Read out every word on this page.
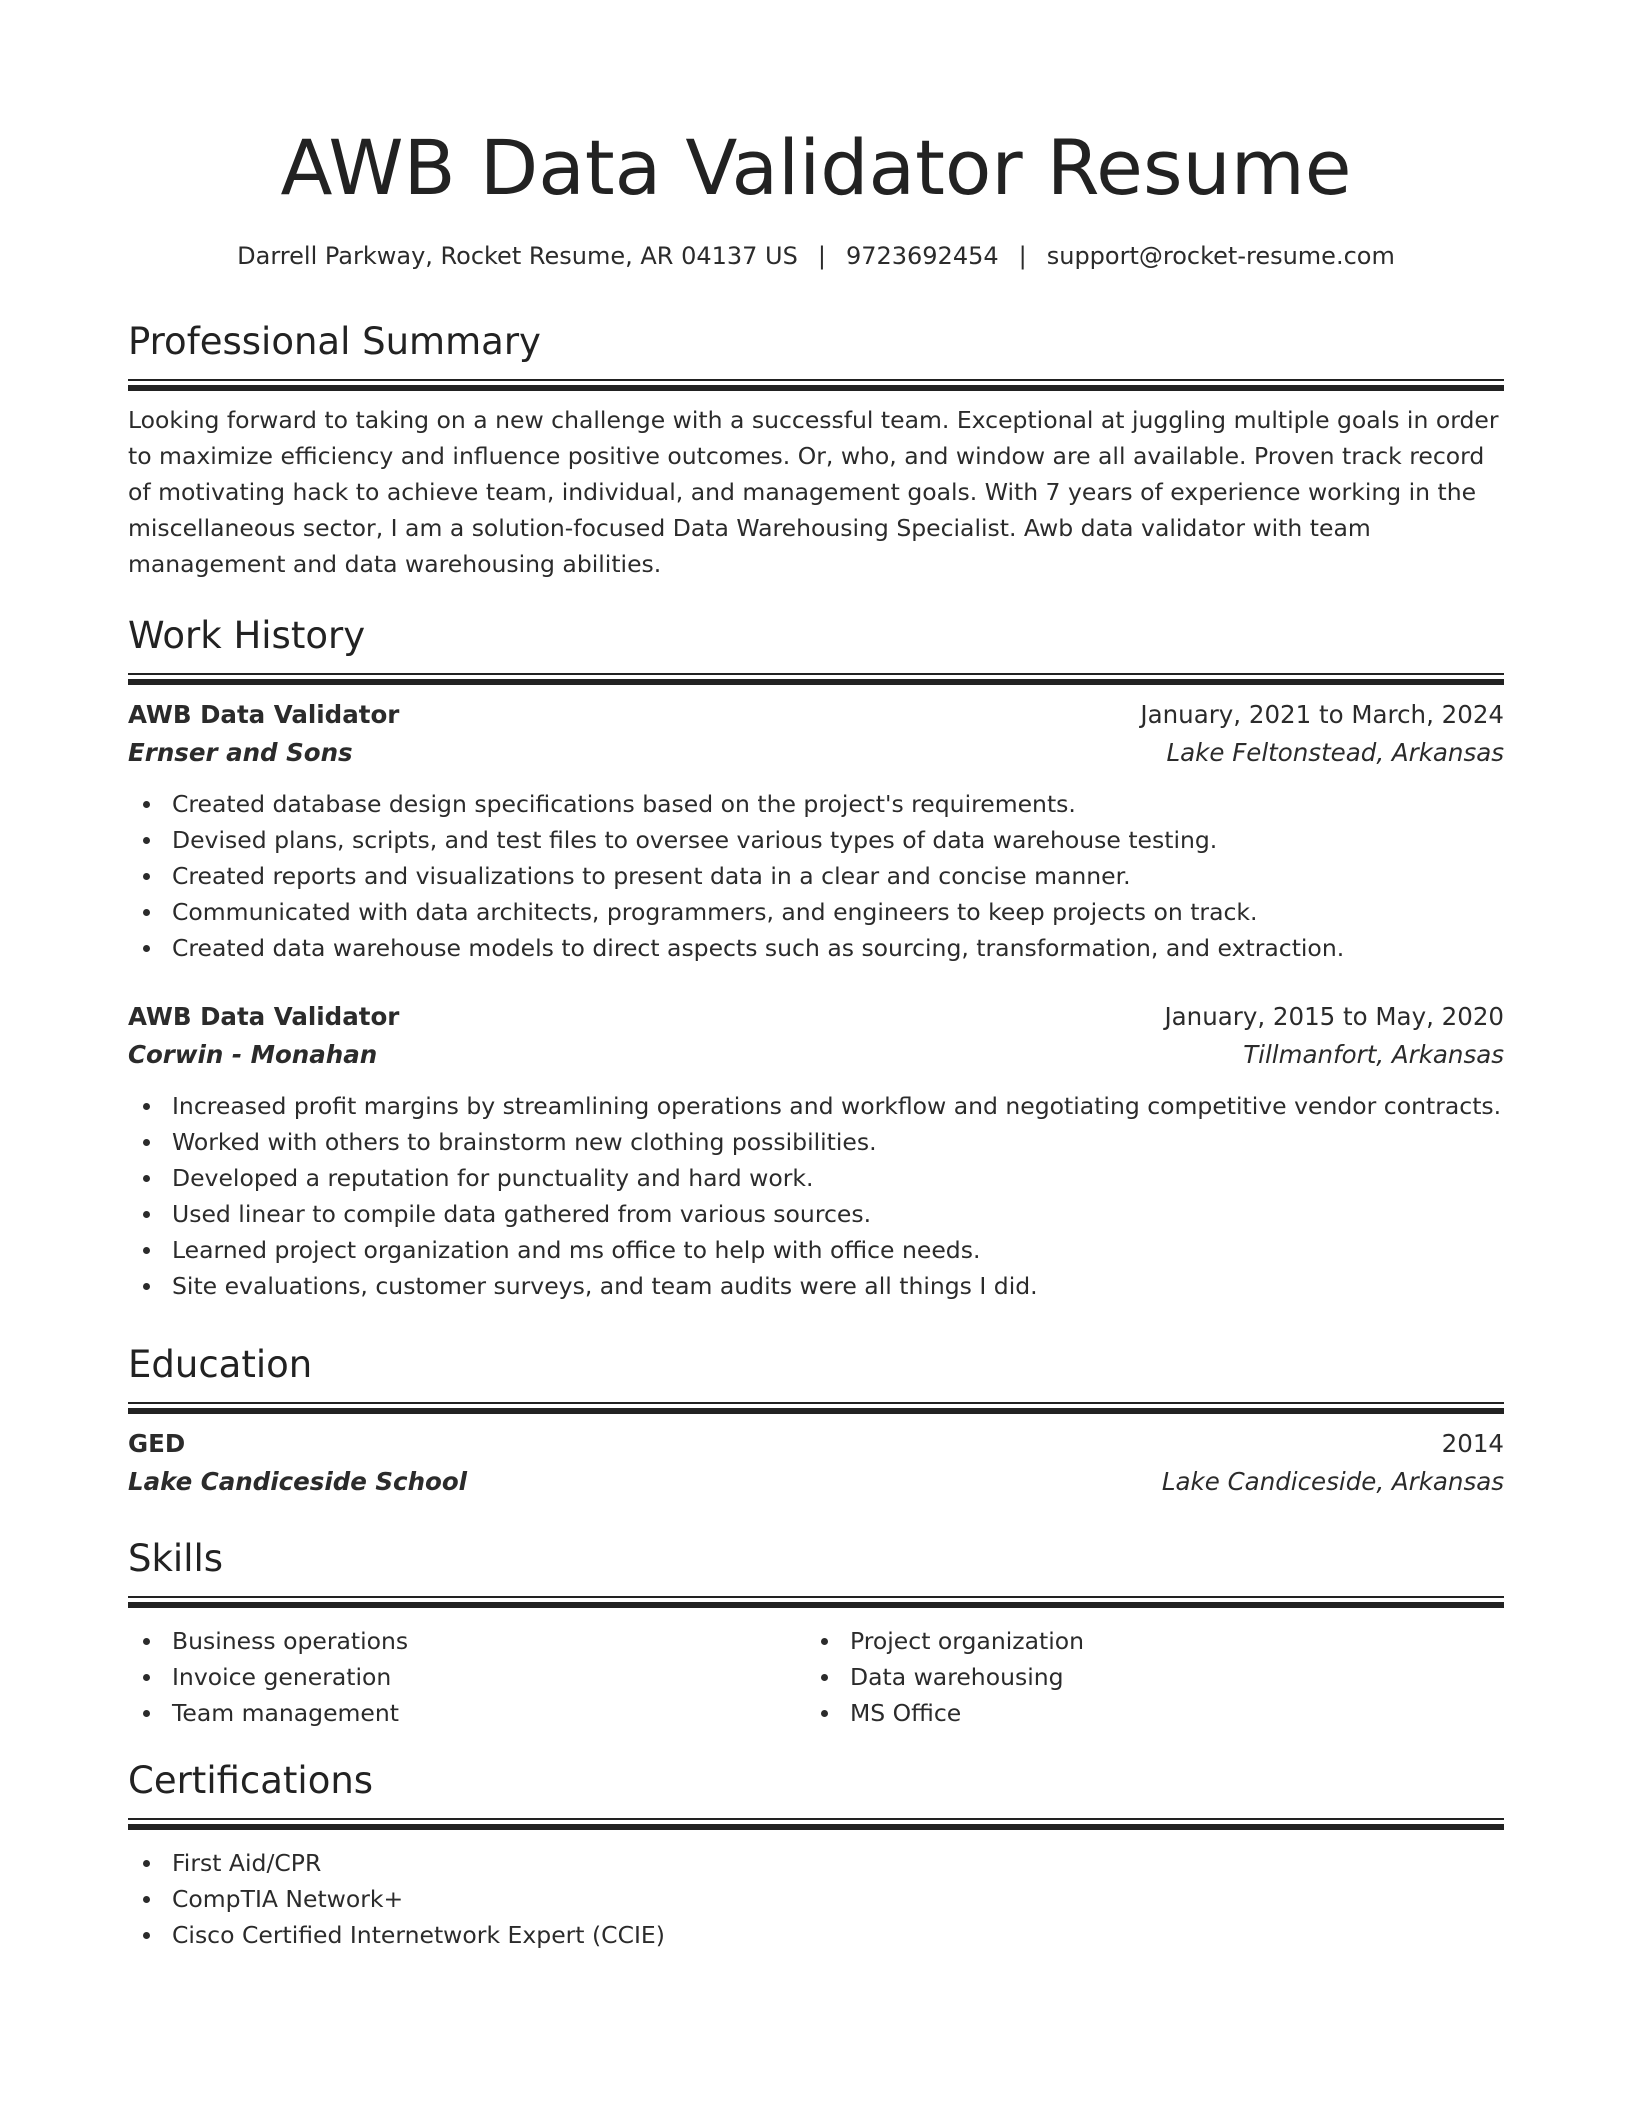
AWB Data Validator Resume
Darrell Parkway, Rocket Resume, AR 04137 US | 9723692454 | support@rocket-resume.com
Professional Summary

Looking forward to taking on a new challenge with a successful team. Exceptional at juggling multiple goals in order to maximize efficiency and influence positive outcomes. Or, who, and window are all available. Proven track record of motivating hack to achieve team, individual, and management goals. With 7 years of experience working in the miscellaneous sector, I am a solution-focused Data Warehousing Specialist. Awb data validator with team management and data warehousing abilities.

Work History
AWB Data Validator	January, 2021 to March, 2024
Ernser and Sons	Lake Feltonstead, Arkansas
Created database design specifications based on the project's requirements.
Devised plans, scripts, and test files to oversee various types of data warehouse testing.
Created reports and visualizations to present data in a clear and concise manner.
Communicated with data architects, programmers, and engineers to keep projects on track.
Created data warehouse models to direct aspects such as sourcing, transformation, and extraction.
AWB Data Validator	January, 2015 to May, 2020
Corwin - Monahan	Tillmanfort, Arkansas
Increased profit margins by streamlining operations and workflow and negotiating competitive vendor contracts.
Worked with others to brainstorm new clothing possibilities.
Developed a reputation for punctuality and hard work.
Used linear to compile data gathered from various sources.
Learned project organization and ms office to help with office needs.
Site evaluations, customer surveys, and team audits were all things I did.
Education
GED	2014
Lake Candiceside School	Lake Candiceside, Arkansas
Skills
Business operations
Invoice generation
Team management
Project organization
Data warehousing
MS Office
Certifications
First Aid/CPR
CompTIA Network+
Cisco Certified Internetwork Expert (CCIE)
